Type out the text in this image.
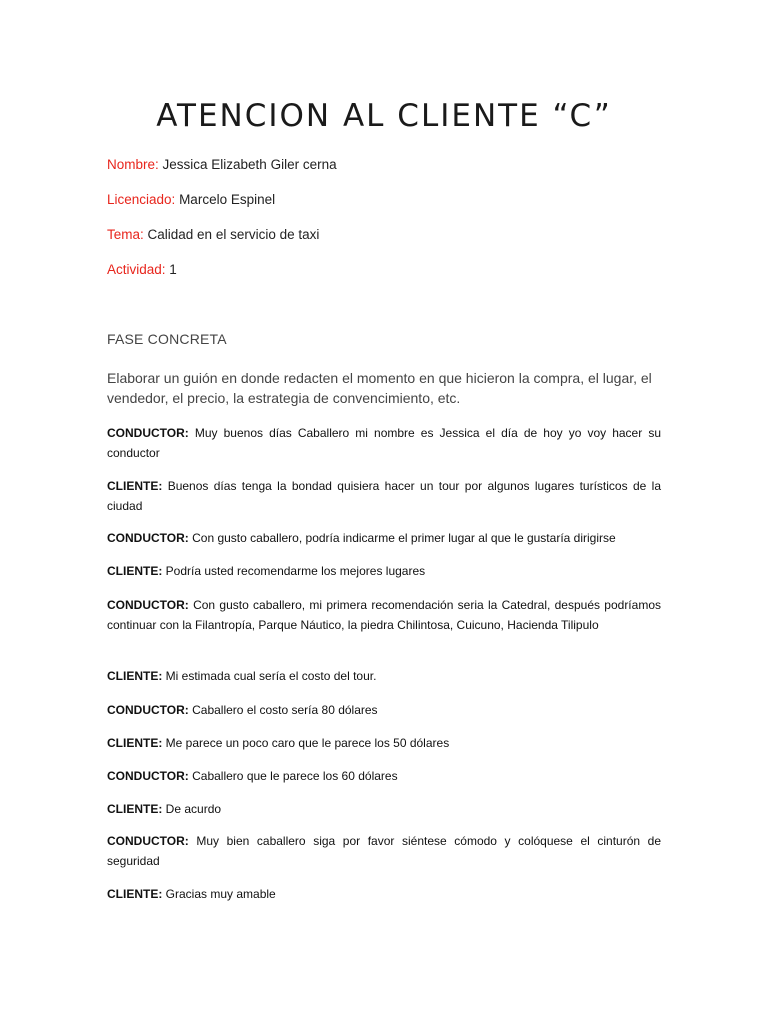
ATENCION AL CLIENTE “C”
Nombre: Jessica Elizabeth Giler cerna
Licenciado: Marcelo Espinel
Tema: Calidad en el servicio de taxi
Actividad: 1
FASE CONCRETA
Elaborar un guión en donde redacten el momento en que hicieron la compra, el lugar, el vendedor, el precio, la estrategia de convencimiento, etc.
CONDUCTOR: Muy buenos días Caballero mi nombre es Jessica el día de hoy yo voy hacer su conductor
CLIENTE: Buenos días tenga la bondad quisiera hacer un tour por algunos lugares turísticos de la ciudad
CONDUCTOR: Con gusto caballero, podría indicarme el primer lugar al que le gustaría dirigirse
CLIENTE: Podría usted recomendarme los mejores lugares
CONDUCTOR: Con gusto caballero, mi primera recomendación seria la Catedral, después podríamos continuar con la Filantropía, Parque Náutico, la piedra Chilintosa, Cuicuno, Hacienda Tilipulo
CLIENTE: Mi estimada cual sería el costo del tour.
CONDUCTOR: Caballero el costo sería 80 dólares
CLIENTE: Me parece un poco caro que le parece los 50 dólares
CONDUCTOR: Caballero que le parece los 60 dólares
CLIENTE: De acurdo
CONDUCTOR: Muy bien caballero siga por favor siéntese cómodo y colóquese el cinturón de seguridad
CLIENTE: Gracias muy amable
